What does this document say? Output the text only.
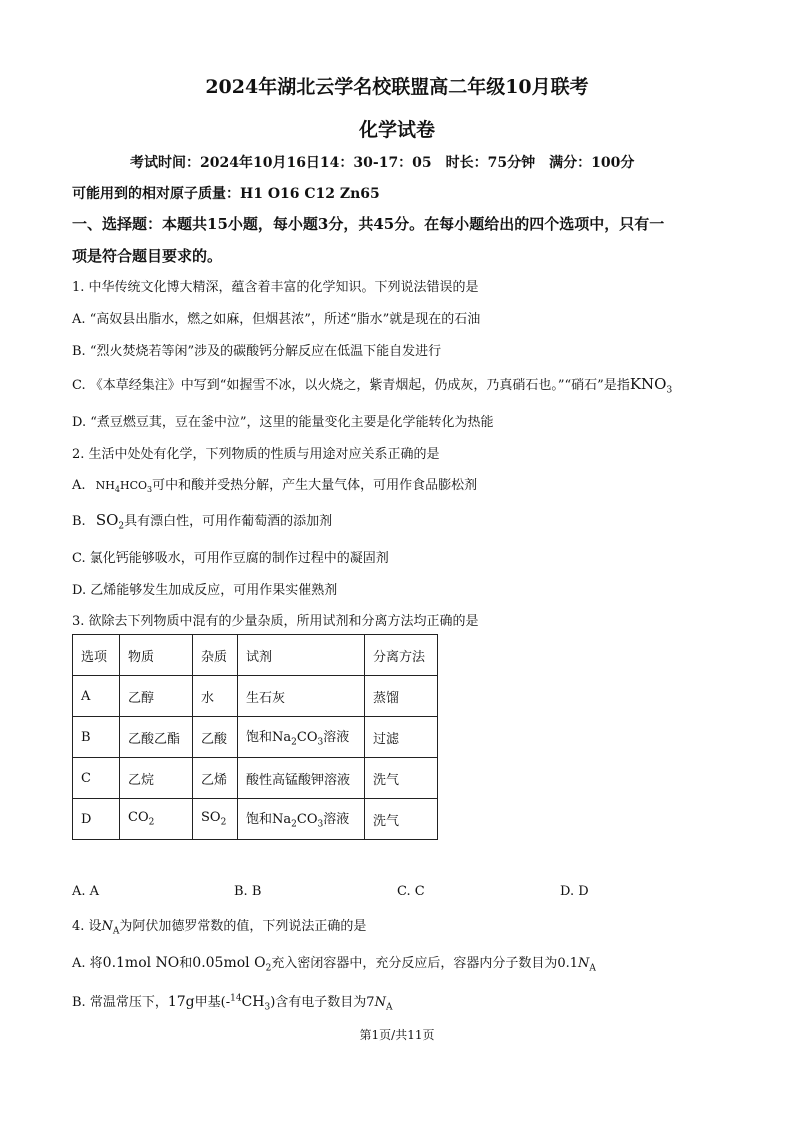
2024年湖北云学名校联盟高二年级10月联考
化学试卷
考试时间：2024年10月16日14：30-17：05　时长：75分钟　满分：100分
可能用到的相对原子质量：H1 O16 C12 Zn65
一、选择题：本题共15小题，每小题3分，共45分。在每小题给出的四个选项中，只有一
项是符合题目要求的。
1. 中华传统文化博大精深，蕴含着丰富的化学知识。下列说法错误的是
A. “高奴县出脂水，燃之如麻，但烟甚浓”，所述“脂水”就是现在的石油
B. “烈火焚烧若等闲”涉及的碳酸钙分解反应在低温下能自发进行
C. 《本草经集注》中写到“如握雪不冰，以火烧之，紫青烟起，仍成灰，乃真硝石也。”“硝石”是指$KNO_3$
D. “煮豆燃豆萁，豆在釜中泣”，这里的能量变化主要是化学能转化为热能
2. 生活中处处有化学，下列物质的性质与用途对应关系正确的是
A. $NH_4HCO_3$可中和酸并受热分解，产生大量气体，可用作食品膨松剂
B. $SO_2$具有漂白性，可用作葡萄酒的添加剂
C. 氯化钙能够吸水，可用作豆腐的制作过程中的凝固剂
D. 乙烯能够发生加成反应，可用作果实催熟剂
3. 欲除去下列物质中混有的少量杂质，所用试剂和分离方法均正确的是
选项	物质	杂质	试剂	分离方法
A	乙醇	水	生石灰	蒸馏
B	乙酸乙酯	乙酸	饱和$Na_2CO_3$溶液	过滤
C	乙烷	乙烯	酸性高锰酸钾溶液	洗气
D	$CO_2$	$SO_2$	饱和$Na_2CO_3$溶液	洗气
A. A	B. B	C. C	D. D
4. 设$N_A$为阿伏加德罗常数的值，下列说法正确的是
A. 将0.1mol NO和0.05mol $O_2$充入密闭容器中，充分反应后，容器内分子数目为$0.1N_A$
B. 常温常压下，17g甲基$(-^{14}CH_3)$含有电子数目为$7N_A$
第1页/共11页
